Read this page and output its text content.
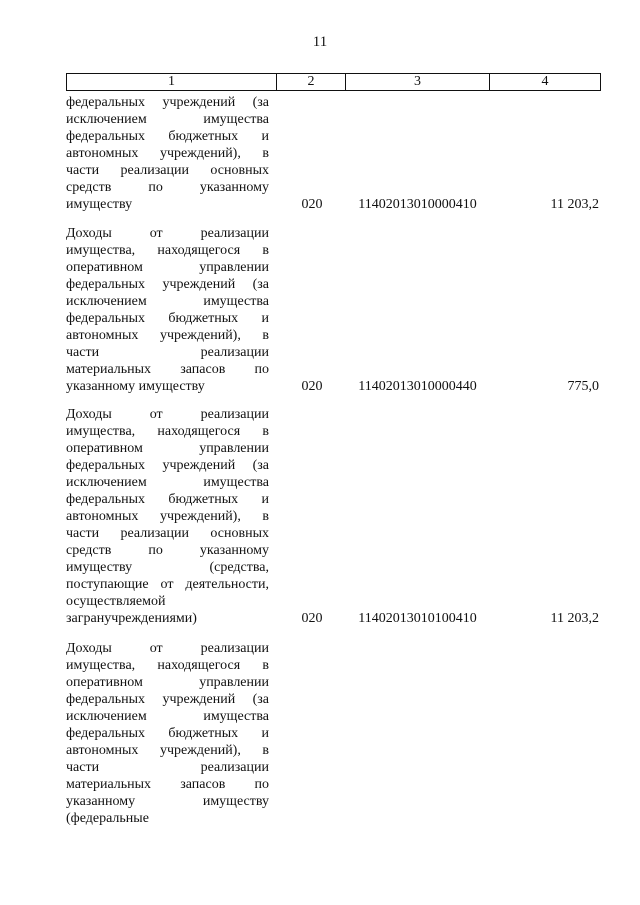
11
1	2	3	4
федеральных учреждений (за
исключением имущества
федеральных бюджетных и
автономных учреждений), в
части реализации основных
средств по указанному
имуществу	020	11402013010000410	11 203,2
Доходы от реализации
имущества, находящегося в
оперативном управлении
федеральных учреждений (за
исключением имущества
федеральных бюджетных и
автономных учреждений), в
части реализации
материальных запасов по
указанному имуществу	020	11402013010000440	775,0
Доходы от реализации
имущества, находящегося в
оперативном управлении
федеральных учреждений (за
исключением имущества
федеральных бюджетных и
автономных учреждений), в
части реализации основных
средств по указанному
имуществу (средства,
поступающие от деятельности,
осуществляемой
загранучреждениями)	020	11402013010100410	11 203,2
Доходы от реализации
имущества, находящегося в
оперативном управлении
федеральных учреждений (за
исключением имущества
федеральных бюджетных и
автономных учреждений), в
части реализации
материальных запасов по
указанному имуществу
(федеральные
